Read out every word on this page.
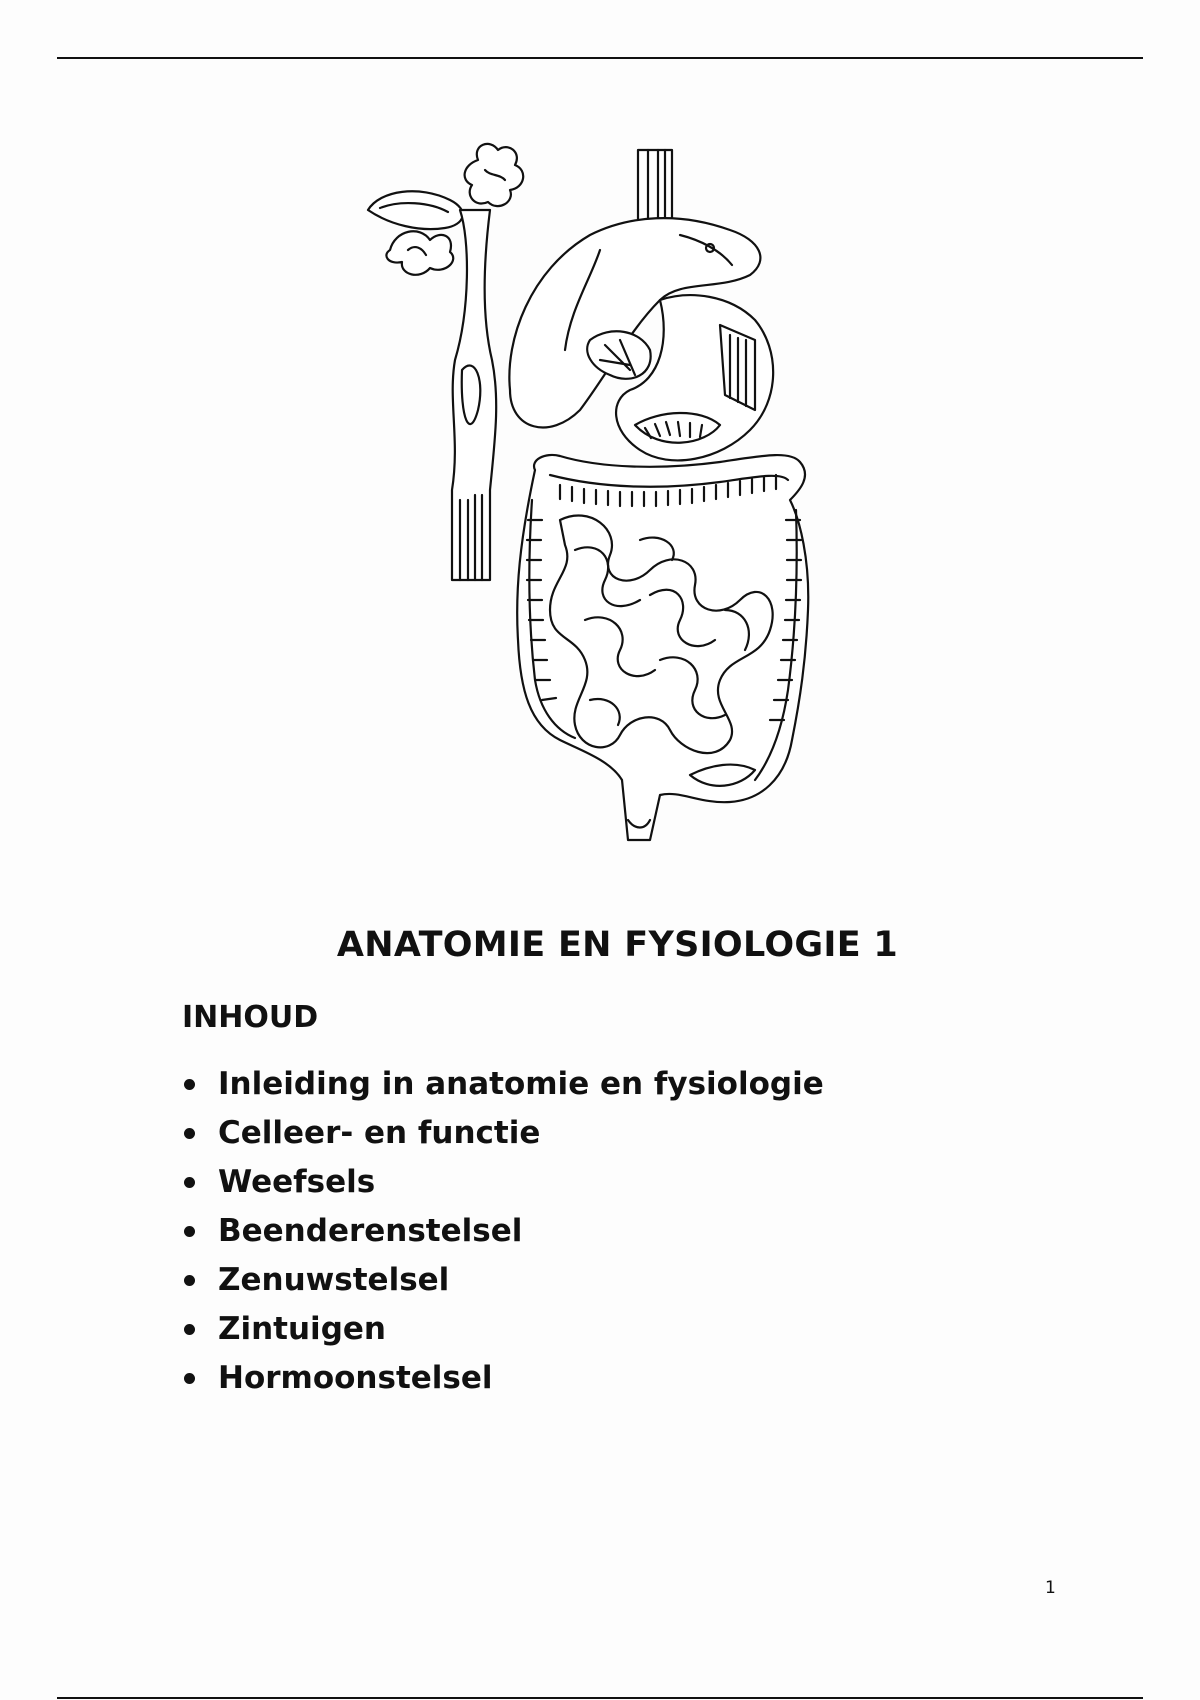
ANATOMIE EN FYSIOLOGIE 1
INHOUD
Inleiding in anatomie en fysiologie
Celleer- en functie
Weefsels
Beenderenstelsel
Zenuwstelsel
Zintuigen
Hormoonstelsel
1
